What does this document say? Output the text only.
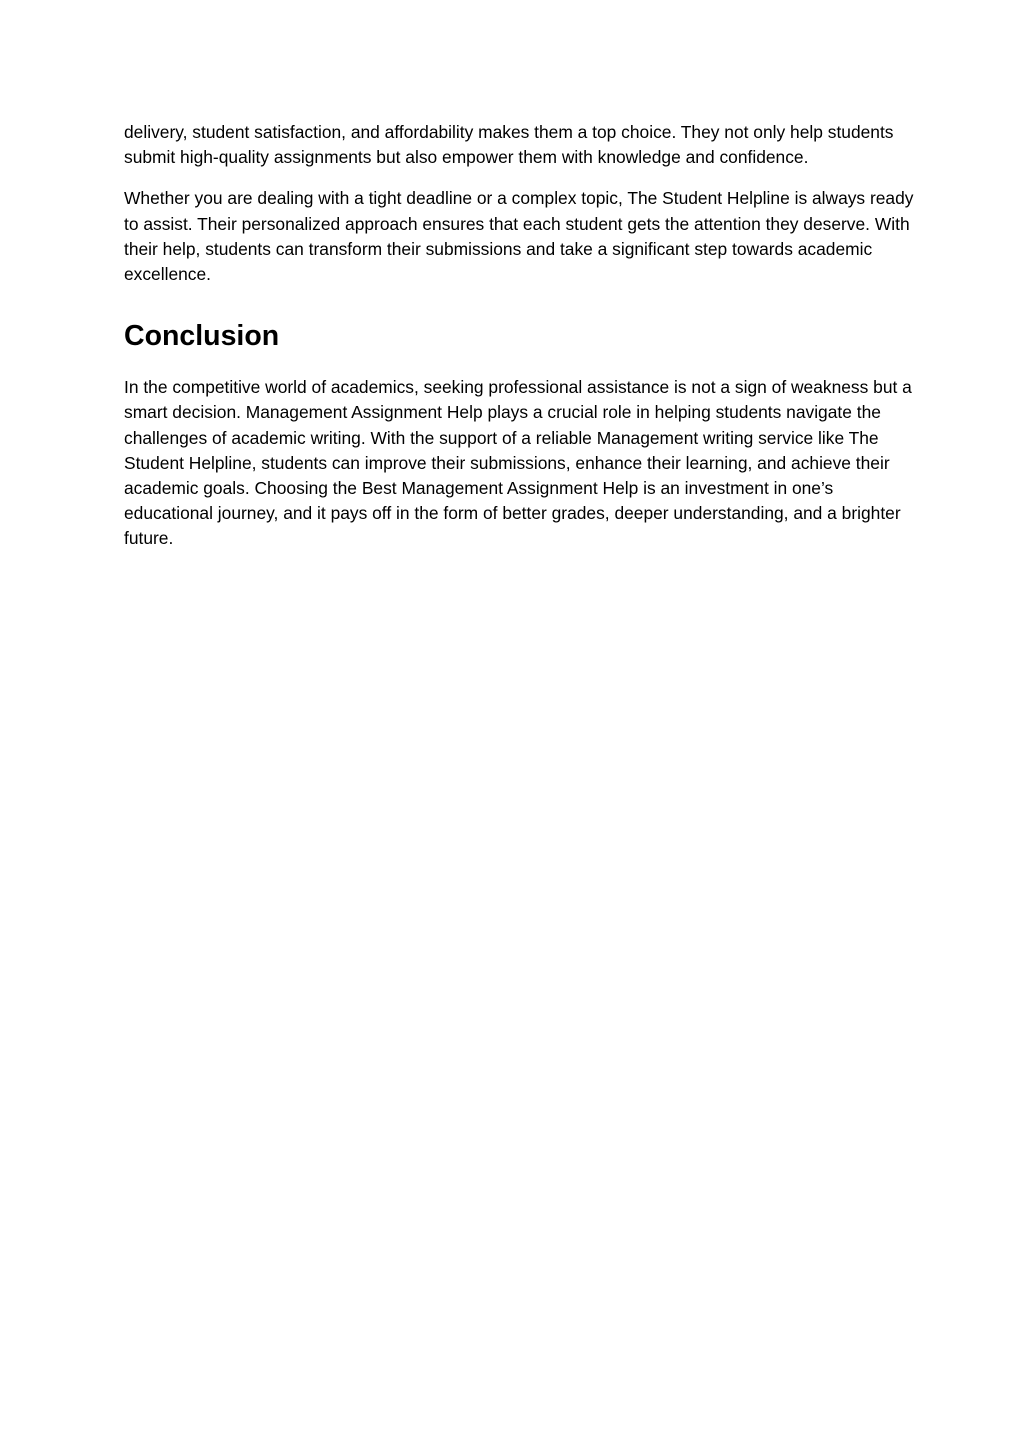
delivery, student satisfaction, and affordability makes them a top choice. They not only help students submit high-quality assignments but also empower them with knowledge and confidence.

Whether you are dealing with a tight deadline or a complex topic, The Student Helpline is always ready to assist. Their personalized approach ensures that each student gets the attention they deserve. With their help, students can transform their submissions and take a significant step towards academic excellence.

Conclusion

In the competitive world of academics, seeking professional assistance is not a sign of weakness but a smart decision. Management Assignment Help plays a crucial role in helping students navigate the challenges of academic writing. With the support of a reliable Management writing service like The Student Helpline, students can improve their submissions, enhance their learning, and achieve their academic goals. Choosing the Best Management Assignment Help is an investment in one’s educational journey, and it pays off in the form of better grades, deeper understanding, and a brighter future.
